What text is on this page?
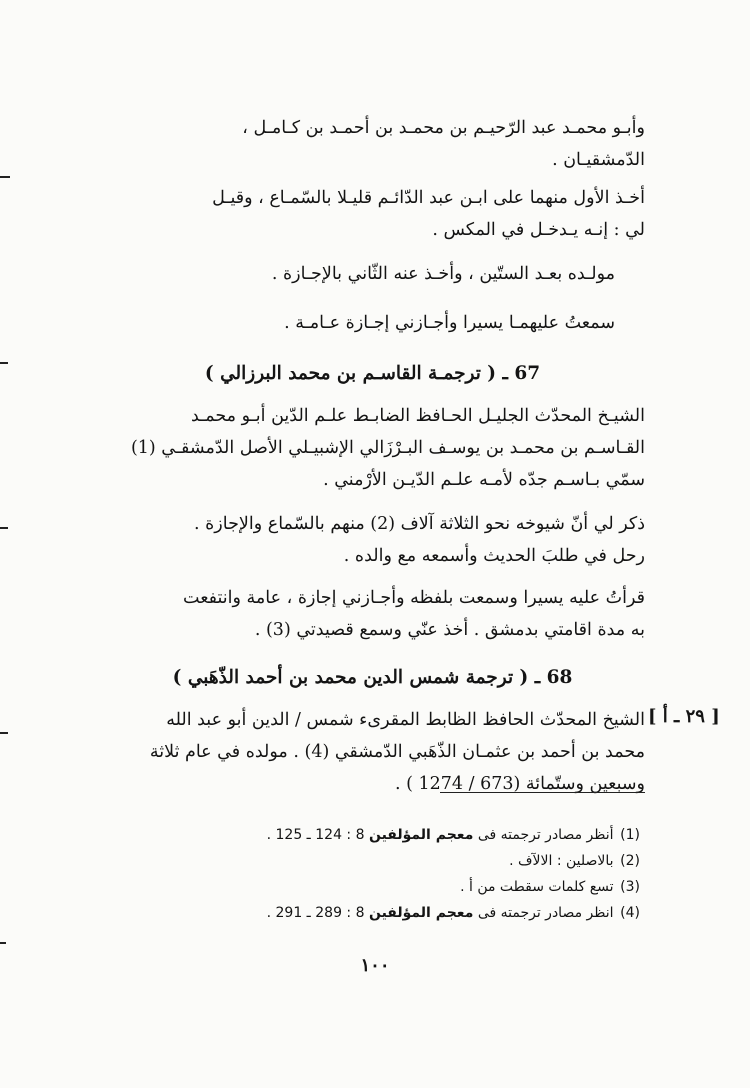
وأبـو محمـد عبد الرّحيـم بن محمـد بن أحمـد بن كـامـل ،

الدّمشقيـان .

أخـذ الأول منهما على ابـن عبد الدّائـم قليـلا بالسّمـاع ، وقيـل

لي : إنـه يـدخـل في المكس .

مولـده بعـد الستّين ، وأخـذ عنه الثّاني بالإجـازة .

سمعتُ عليهمـا يسيرا وأجـازني إجـازة عـامـة .

67 ـ ( ترجمـة القاسـم بن محمد البرزالي )

الشيـخ المحدّث الجليـل الحـافظ الضابـط علـم الدّين أبـو محمـد

القـاسـم بن محمـد بن يوسـف البـرْزَالي الإشبيـلي الأصل الدّمشقـي (1)

سمّي بـاسـم جدّه لأمـه علـم الدّيـن الأرْمني .

ذكر لي أنّ شيوخه نحو الثلاثة آلاف (2) منهم بالسّماع والإجازة .

رحل في طلبَ الحديث وأسمعه مع والده .

قرأتُ عليه يسيرا وسمعت بلفظه وأجـازني إجازة ، عامة وانتفعت

به مدة اقامتي بدمشق . أخذ عنّي وسمع قصيدتي (3) .

68 ـ ( ترجمة شمس الدين محمد بن أحمد الذّهَبي )
[ ٢٩ ـ أ ]

الشيخ المحدّث الحافظ الظابط المقرىء شمس / الدين أبو عبد الله

محمد بن أحمد بن عثمـان الذّهَبي الدّمشقي (4) . مولده في عام ثلاثة

وسبعين وستّمائة (673 / 1274 ) .

(1) أنظر مصادر ترجمته فى معجم المؤلفين 8 : 124 ـ 125 .

(2) بالاصلين : الالآف .

(3) تسع كلمات سقطت من أ .

(4) انظر مصادر ترجمته فى معجم المؤلفين 8 : 289 ـ 291 .

١٠٠
